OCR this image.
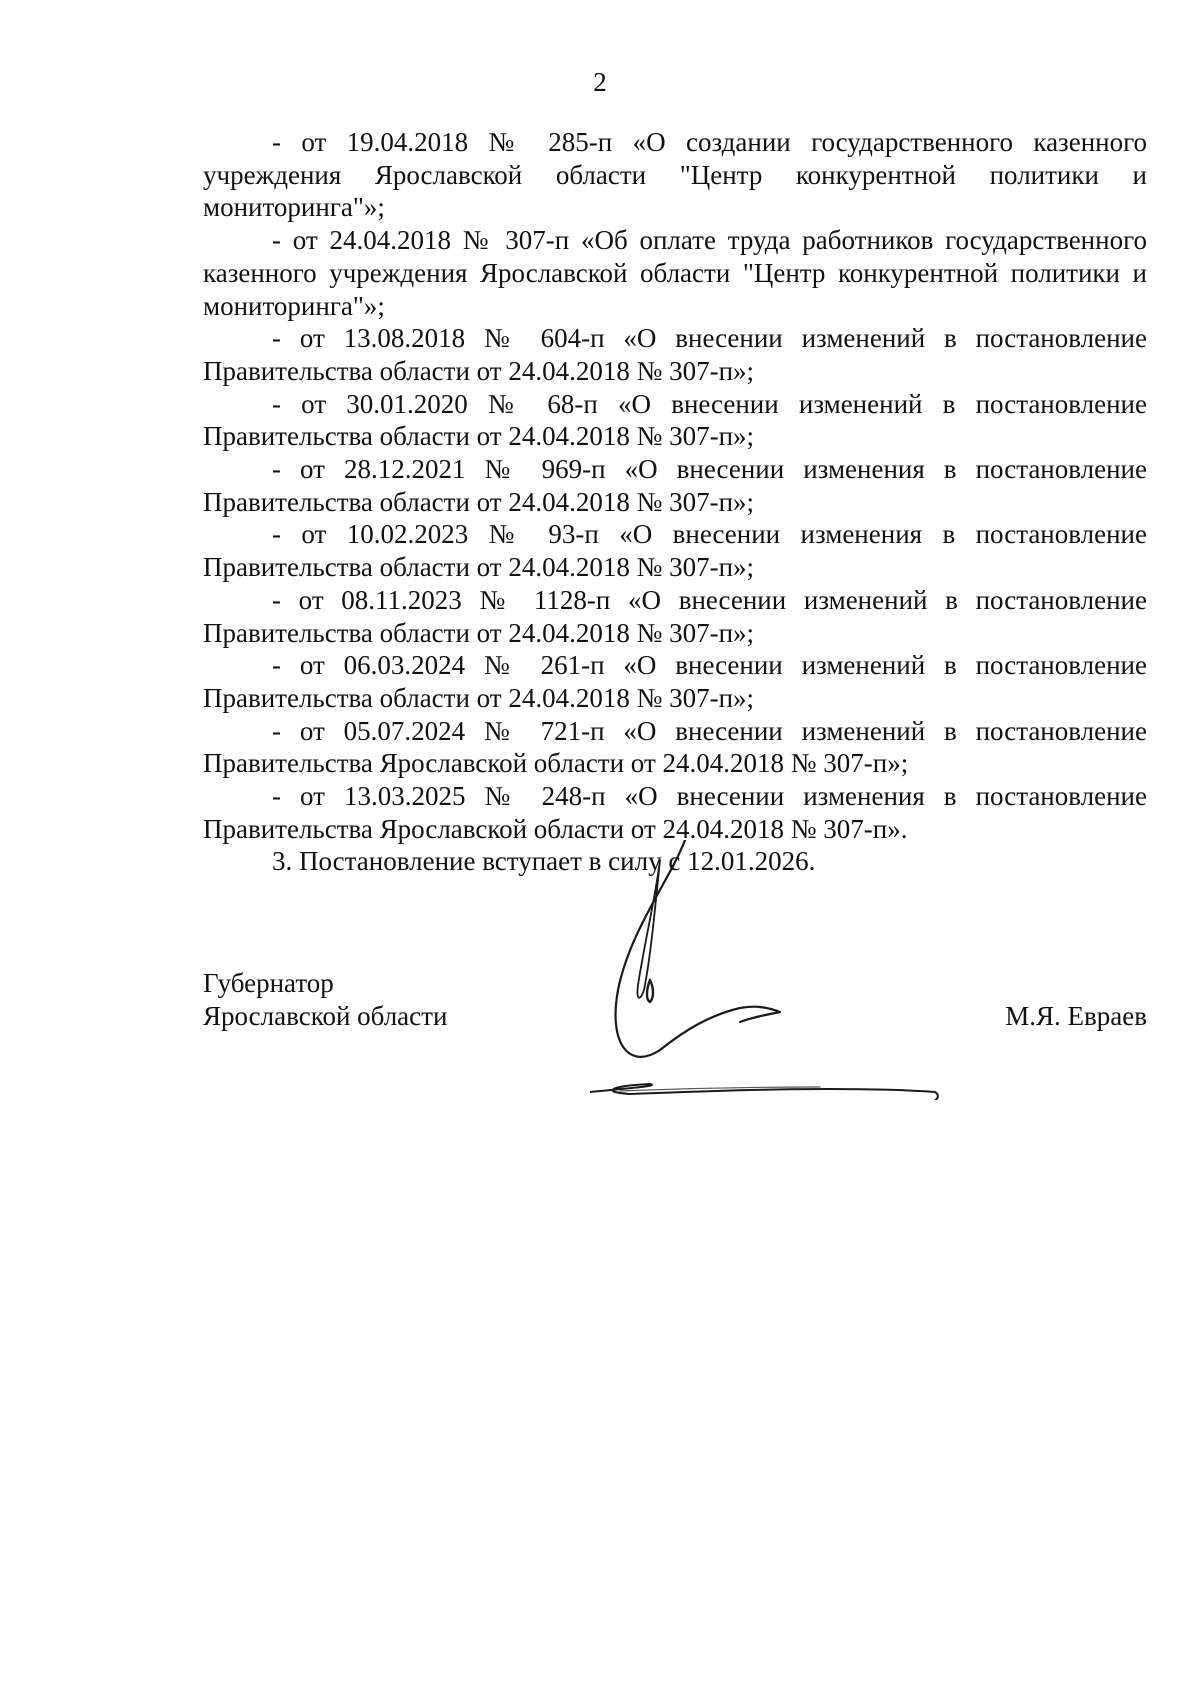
2

- от 19.04.2018 № 285-п «О создании государственного казенного учреждения Ярославской области "Центр конкурентной политики и мониторинга"»;

- от 24.04.2018 № 307-п «Об оплате труда работников государственного казенного учреждения Ярославской области "Центр конкурентной политики и мониторинга"»;

- от 13.08.2018 № 604-п «О внесении изменений в постановление Правительства области от 24.04.2018 № 307-п»;

- от 30.01.2020 № 68-п «О внесении изменений в постановление Правительства области от 24.04.2018 № 307-п»;

- от 28.12.2021 № 969-п «О внесении изменения в постановление Правительства области от 24.04.2018 № 307-п»;

- от 10.02.2023 № 93-п «О внесении изменения в постановление Правительства области от 24.04.2018 № 307-п»;

- от 08.11.2023 № 1128-п «О внесении изменений в постановление Правительства области от 24.04.2018 № 307-п»;

- от 06.03.2024 № 261-п «О внесении изменений в постановление Правительства области от 24.04.2018 № 307-п»;

- от 05.07.2024 № 721-п «О внесении изменений в постановление Правительства Ярославской области от 24.04.2018 № 307-п»;

- от 13.03.2025 № 248-п «О внесении изменения в постановление Правительства Ярославской области от 24.04.2018 № 307-п».

3. Постановление вступает в силу с 12.01.2026.

Губернатор
Ярославской области	М.Я. Евраев
